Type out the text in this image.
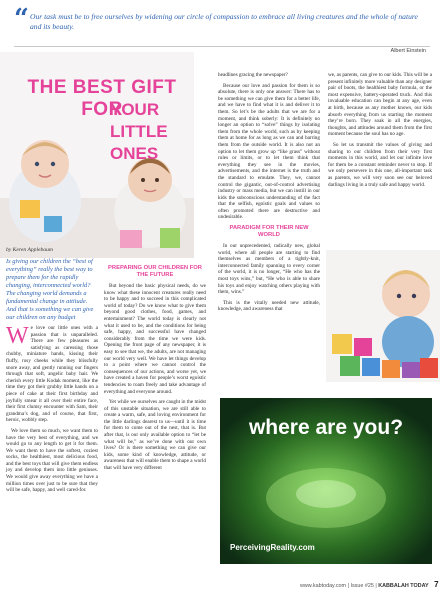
“ Our task must be to free ourselves by widening our circle of compassion to embrace all living creatures and the whole of nature and its beauty.
Albert Einstein
THE BEST GIFT FOR
YOUR
LITTLE
ONES
by Keren Applebaum
Is giving our children the “best of everything” really the best way to prepare them for the rapidly changing, interconnected world? The changing world demands a fundamental change in attitude. And that is something we can give our children on any budget

We love our little ones with a passion that is unparalleled. There are few pleasures as satisfying as caressing those chubby, miniature hands, kissing their fluffy, rosy cheeks while they blissfully snore away, and gently running our fingers through that soft, angelic baby hair. We cherish every little Kodak moment, like the time they got their grubby little hands on a piece of cake at their first birthday and joyfully smear it all over their entire face, their first clumsy encounter with Sam, their grandma’s dog, and of course, that first, heroic, wobbly step.

We love them so much, we want them to have the very best of everything, and we would go to any length to get it for them. We want them to have the softest, coziest socks, the healthiest, most delicious food, and the best toys that will give them endless joy and develop them into little geniuses. We would give away everything we have a million times over just to be sure that they will be safe, happy, and well cared-for.

PREPARING OUR CHILDREN FOR THE FUTURE

But beyond the basic physical needs, do we know what these innocent creatures really need to be happy and to succeed in this complicated world of today? Do we know what to give them beyond good clothes, food, games, and entertainment? The world today is clearly not what it used to be, and the conditions for being safe, happy, and successful have changed considerably from the time we were kids. Opening the front page of any newspaper, it is easy to see that we, the adults, are not managing our world very well. We have let things develop to a point where we cannot control the consequences of our actions, and worse yet, we have created a haven for people’s worst egoistic tendencies to roam freely and take advantage of everything and everyone around.

Yet while we ourselves are caught in the midst of this unstable situation, we are still able to create a warm, safe, and loving environment for the little darlings dearest to us—until it is time for them to come out of the nest, that is. But after that, is our only available option to “let be what will be,” as we’ve done with our own lives? Or is there something we can give our kids, some kind of knowledge, attitude, or awareness that will enable them to shape a world that will have very different

headlines gracing the newspaper?

Because our love and passion for them is so absolute, there is only one answer: There has to be something we can give them for a better life, and we have to find what it is and deliver it to them. So let’s be the adults that we are for a moment, and think soberly: It is definitely no longer an option to “solve” things by isolating them from the whole world, such as by keeping them at home for as long as we can and barring them from the outside world. It is also not an option to let them grow up “like grass” without rules or limits, or to let them think that everything they see in the movies, advertisements, and the internet is the truth and the standard to emulate. They, we, cannot control the gigantic, out-of-control advertising industry or mass media, but we can instill in our kids the subconscious understanding of the fact that the selfish, egoistic goals and values so often promoted there are destructive and undesirable.

PARADIGM FOR THEIR NEW WORLD

In our unprecedented, radically new, global world, where all people are starting to find themselves as members of a tightly-knit, interconnected family spanning to every corner of the world, it is no longer, “He who has the most toys wins,” but, “He who is able to share his toys and enjoy watching others playing with them, wins.”

This is the vitally needed new attitude, knowledge, and awareness that

we, as parents, can give to our kids. This will be a present infinitely more valuable than any designer pair of boots, the healthiest baby formula, or the most expensive, battery-operated truck. And this invaluable education can begin at any age, even at birth, because as any mother knows, our kids absorb everything from us starting the moment they’re born. They soak in all the energies, thoughts, and attitudes around them from the first moment because the soul has no age.

So let us transmit the values of giving and sharing to our children from their very first moments in this world, and let our infinite love for them be a constant reminder never to stop. If we only persevere in this one, all-important task as parents, we will very soon see our beloved darlings living in a truly safe and happy world.

where are you?
PerceivingReality.com
www.kabtoday.com | Issue #25 | KABBALAH TODAY 7
